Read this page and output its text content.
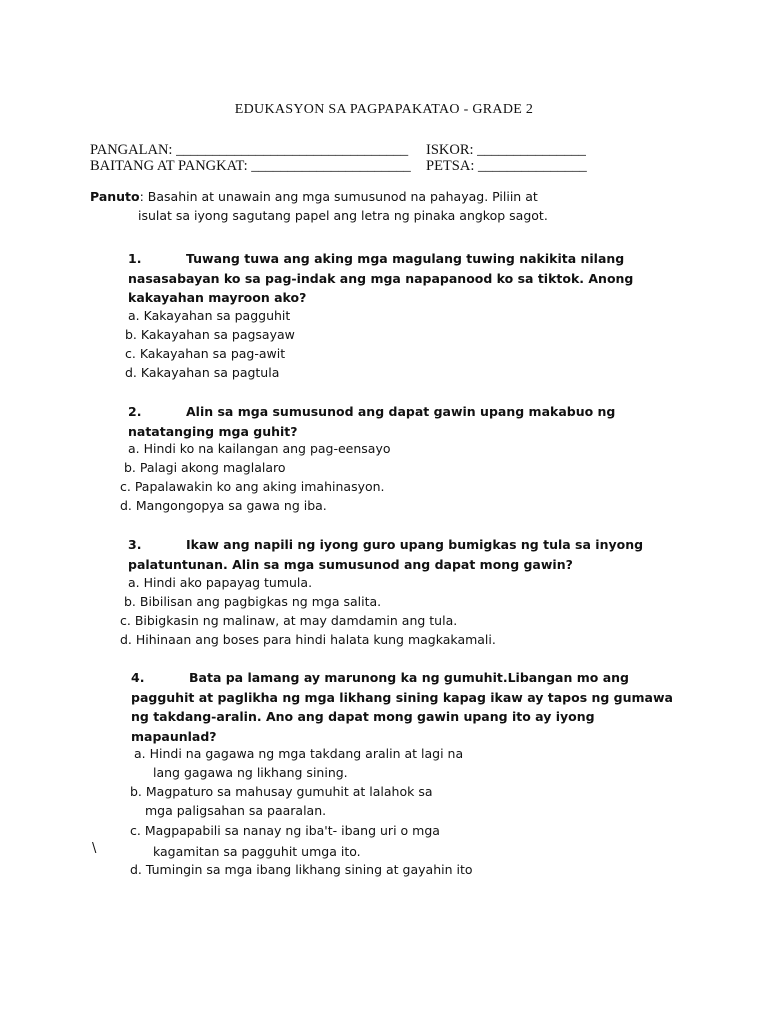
EDUKASYON SA PAGPAPAKATAO - GRADE 2
PANGALAN: ________________________________ ISKOR: _______________
BAITANG AT PANGKAT: ______________________ PETSA: _______________
Panuto: Basahin at unawain ang mga sumusunod na pahayag. Piliin at
isulat sa iyong sagutang papel ang letra ng pinaka angkop sagot.
1.	Tuwang tuwa ang aking mga magulang tuwing nakikita nilang
nasasabayan ko sa pag-indak ang mga napapanood ko sa tiktok. Anong
kakayahan mayroon ako?
a. Kakayahan sa pagguhit
b. Kakayahan sa pagsayaw
c. Kakayahan sa pag-awit
d. Kakayahan sa pagtula
2.	Alin sa mga sumusunod ang dapat gawin upang makabuo ng
natatanging mga guhit?
a. Hindi ko na kailangan ang pag-eensayo
b. Palagi akong maglalaro
c. Papalawakin ko ang aking imahinasyon.
d. Mangongopya sa gawa ng iba.
3.	Ikaw ang napili ng iyong guro upang bumigkas ng tula sa inyong
palatuntunan. Alin sa mga sumusunod ang dapat mong gawin?
a. Hindi ako papayag tumula.
b. Bibilisan ang pagbigkas ng mga salita.
c. Bibigkasin ng malinaw, at may damdamin ang tula.
d. Hihinaan ang boses para hindi halata kung magkakamali.
4.	Bata pa lamang ay marunong ka ng gumuhit.Libangan mo ang
pagguhit at paglikha ng mga likhang sining kapag ikaw ay tapos ng gumawa
ng takdang-aralin. Ano ang dapat mong gawin upang ito ay iyong
mapaunlad?
a. Hindi na gagawa ng mga takdang aralin at lagi na
lang gagawa ng likhang sining.
b. Magpaturo sa mahusay gumuhit at lalahok sa
mga paligsahan sa paaralan.
c. Magpapabili sa nanay ng iba't- ibang uri o mga
kagamitan sa pagguhit umga ito.
d. Tumingin sa mga ibang likhang sining at gayahin ito
\
